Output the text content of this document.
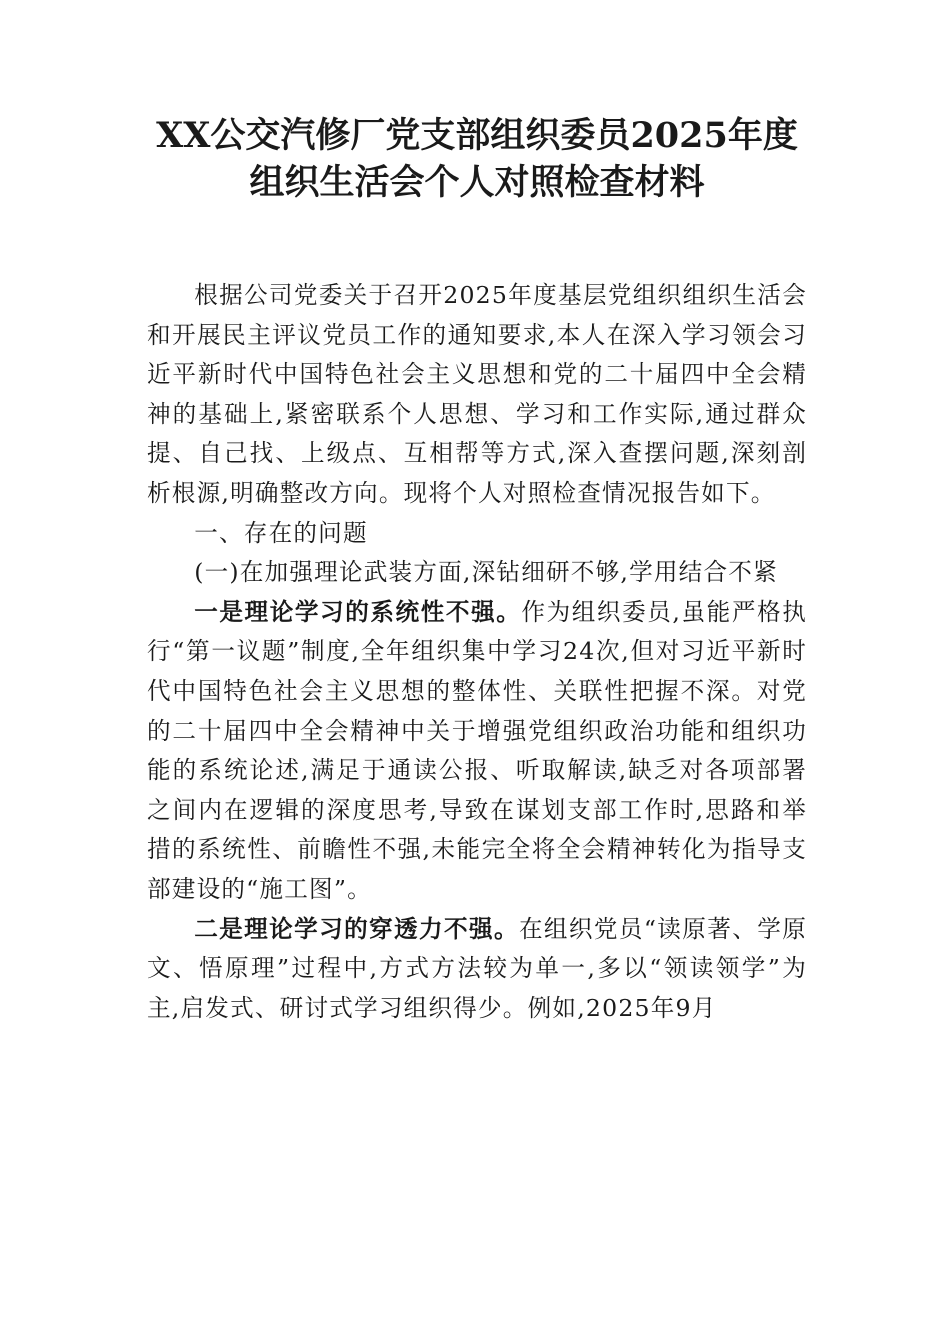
XX公交汽修厂党支部组织委员2025年度
组织生活会个人对照检查材料

根据公司党委关于召开2025年度基层党组织组织生活会和开展民主评议党员工作的通知要求,本人在深入学习领会习近平新时代中国特色社会主义思想和党的二十届四中全会精神的基础上,紧密联系个人思想、学习和工作实际,通过群众提、自己找、上级点、互相帮等方式,深入查摆问题,深刻剖析根源,明确整改方向。现将个人对照检查情况报告如下。

一、存在的问题

(一)在加强理论武装方面,深钻细研不够,学用结合不紧

一是理论学习的系统性不强。作为组织委员,虽能严格执行“第一议题”制度,全年组织集中学习24次,但对习近平新时代中国特色社会主义思想的整体性、关联性把握不深。对党的二十届四中全会精神中关于增强党组织政治功能和组织功能的系统论述,满足于通读公报、听取解读,缺乏对各项部署之间内在逻辑的深度思考,导致在谋划支部工作时,思路和举措的系统性、前瞻性不强,未能完全将全会精神转化为指导支部建设的“施工图”。

二是理论学习的穿透力不强。在组织党员“读原著、学原文、悟原理”过程中,方式方法较为单一,多以“领读领学”为主,启发式、研讨式学习组织得少。例如,2025年9月
